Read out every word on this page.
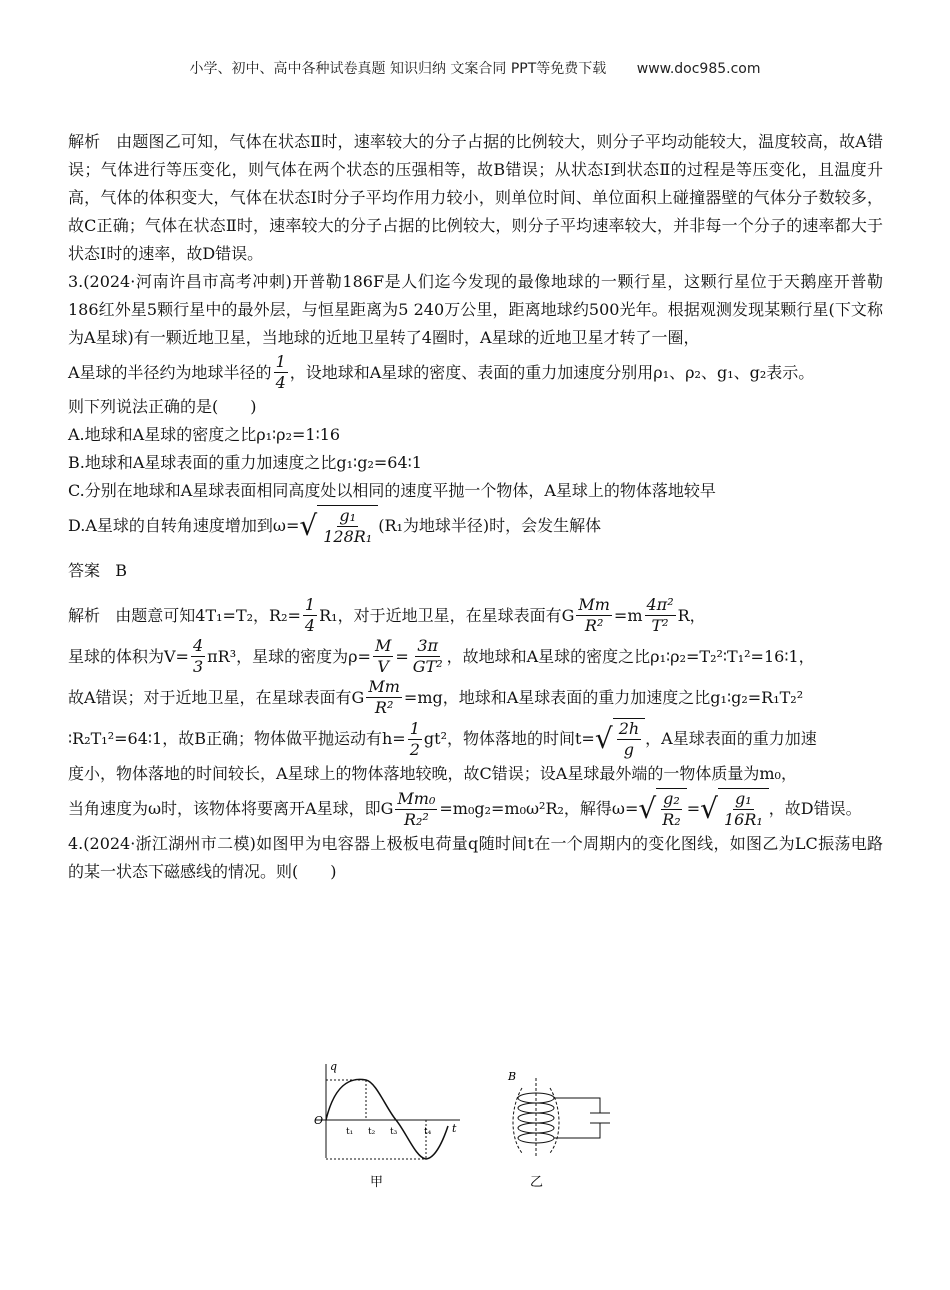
小学、初中、高中各种试卷真题 知识归纳 文案合同 PPT等免费下载 www.doc985.com

解析 由题图乙可知，气体在状态Ⅱ时，速率较大的分子占据的比例较大，则分子平均动能较大，温度较高，故A错误；气体进行等压变化，则气体在两个状态的压强相等，故B错误；从状态Ⅰ到状态Ⅱ的过程是等压变化，且温度升高，气体的体积变大，气体在状态Ⅰ时分子平均作用力较小，则单位时间、单位面积上碰撞器壁的气体分子数较多，故C正确；气体在状态Ⅱ时，速率较大的分子占据的比例较大，则分子平均速率较大，并非每一个分子的速率都大于状态Ⅰ时的速率，故D错误。

3.(2024·河南许昌市高考冲刺)开普勒186F是人们迄今发现的最像地球的一颗行星，这颗行星位于天鹅座开普勒186红外星5颗行星中的最外层，与恒星距离为5 240万公里，距离地球约500光年。根据观测发现某颗行星(下文称为A星球)有一颗近地卫星，当地球的近地卫星转了4圈时，A星球的近地卫星才转了一圈，

A星球的半径约为地球半径的 $\frac{1}{4}$ ，设地球和A星球的密度、表面的重力加速度分别用ρ₁、ρ₂、g₁、g₂表示。

则下列说法正确的是(　　)

A.地球和A星球的密度之比ρ₁∶ρ₂=1∶16

B.地球和A星球表面的重力加速度之比g₁∶g₂=64∶1

C.分别在地球和A星球表面相同高度处以相同的速度平抛一个物体，A星球上的物体落地较早

D.A星球的自转角速度增加到ω= √ $\frac{\text{g₁}}{\text{128R₁}} (R_1$为地球半径)时，会发生解体

答案 B

解析
由题意可知4T₁=T₂，$R_2= \frac{1}{4} R_1$，对于近地卫星，在星球表面有G $\frac{Mm}{\text{R²}} =m \frac{\text{4π²}}{\text{T²}}$ R，
星球的体积为$V= \frac{4}{3} \pi R^3$，星球的密度为$\rho= \frac{M}{V} = \frac{3\pi}{\text{GT²}}$ ，故地球和A星球的密度之比ρ₁∶ρ₂=T₂²∶T₁²=16∶1，
故A错误；对于近地卫星，在星球表面有G $\frac{Mm}{\text{R²}} =mg$，地球和A星球表面的重力加速度之比g₁∶g₂=R₁T₂²
∶R₂T₁²=64∶1，故B正确；物体做平抛运动有$h= \frac{1}{2} gt^2$，物体落地的时间t= √ $\frac{2h}{g}$ ，A星球表面的重力加速

度小，物体落地的时间较长，A星球上的物体落地较晚，故C错误；设A星球最外端的一物体质量为m₀，

当角速度为ω时，该物体将要离开A星球，即G $\frac{\text{Mm₀}}{\text{R₂²}} =m_0g_2=m_0\omega^2R_2$，解得ω= √ $\frac{\text{g₂}}{\text{R₂}}$ = √ $\frac{\text{g₁}}{\text{16R₁}}$ ，故D错误。

4.(2024·浙江湖州市二模)如图甲为电容器上极板电荷量q随时间t在一个周期内的变化图线，如图乙为LC振荡电路的某一状态下磁感线的情况。则(　　)

q
t
O
t₁ t₂ t₃	t₄
B
甲	乙
